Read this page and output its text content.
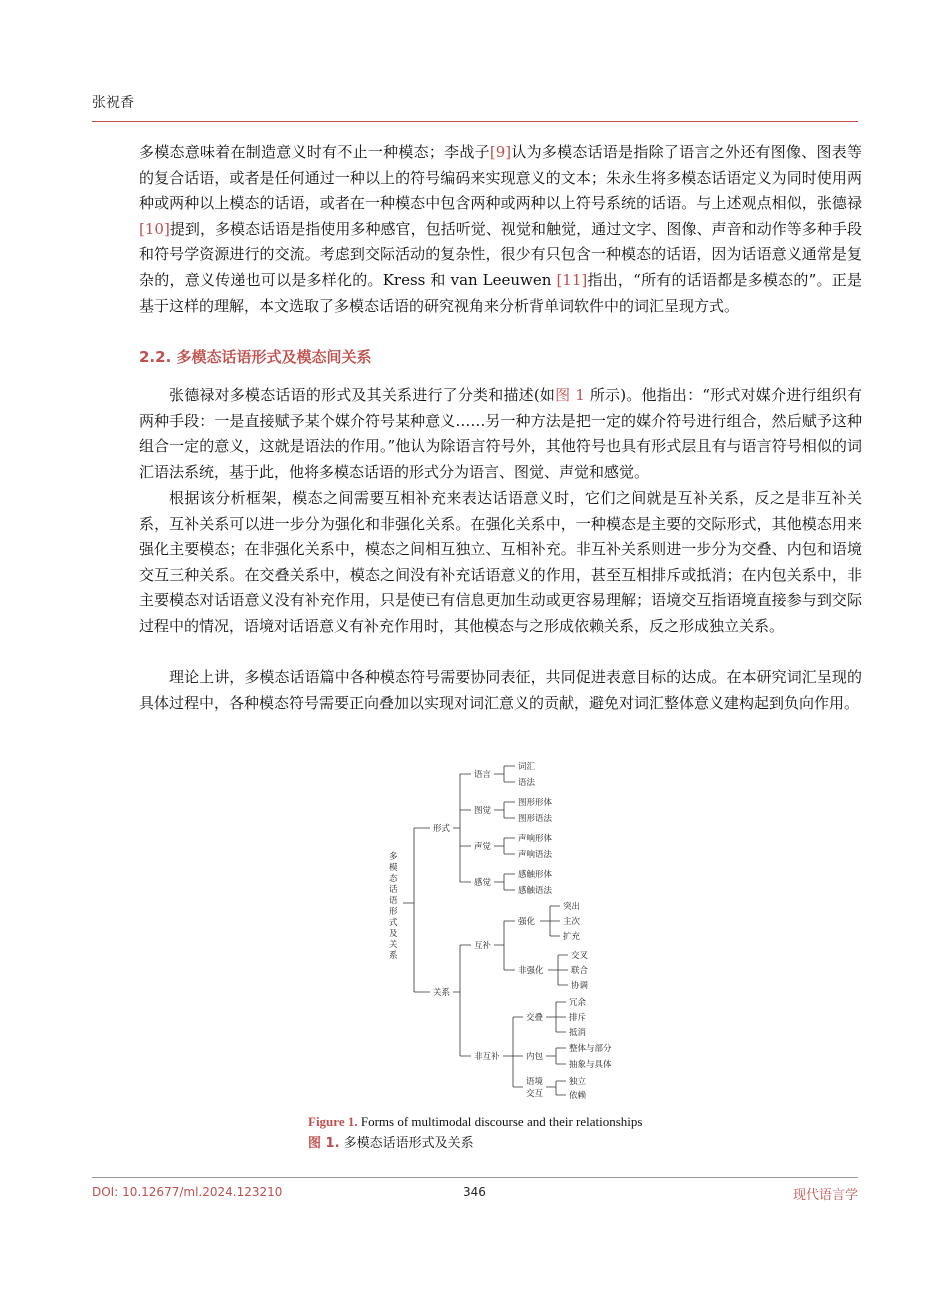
张祝香

多模态意味着在制造意义时有不止一种模态；李战子[9]认为多模态话语是指除了语言之外还有图像、图表等的复合话语，或者是任何通过一种以上的符号编码来实现意义的文本；朱永生将多模态话语定义为同时使用两种或两种以上模态的话语，或者在一种模态中包含两种或两种以上符号系统的话语。与上述观点相似，张德禄[10]提到，多模态话语是指使用多种感官，包括听觉、视觉和触觉，通过文字、图像、声音和动作等多种手段和符号学资源进行的交流。考虑到交际活动的复杂性，很少有只包含一种模态的话语，因为话语意义通常是复杂的，意义传递也可以是多样化的。Kress 和 van Leeuwen [11]指出，“所有的话语都是多模态的”。正是基于这样的理解，本文选取了多模态话语的研究视角来分析背单词软件中的词汇呈现方式。

2.2. 多模态话语形式及模态间关系

张德禄对多模态话语的形式及其关系进行了分类和描述(如图 1 所示)。他指出：“形式对媒介进行组织有两种手段：一是直接赋予某个媒介符号某种意义……另一种方法是把一定的媒介符号进行组合，然后赋予这种组合一定的意义，这就是语法的作用。”他认为除语言符号外，其他符号也具有形式层且有与语言符号相似的词汇语法系统，基于此，他将多模态话语的形式分为语言、图觉、声觉和感觉。

根据该分析框架，模态之间需要互相补充来表达话语意义时，它们之间就是互补关系，反之是非互补关系，互补关系可以进一步分为强化和非强化关系。在强化关系中，一种模态是主要的交际形式，其他模态用来强化主要模态；在非强化关系中，模态之间相互独立、互相补充。非互补关系则进一步分为交叠、内包和语境交互三种关系。在交叠关系中，模态之间没有补充话语意义的作用，甚至互相排斥或抵消；在内包关系中，非主要模态对话语意义没有补充作用，只是使已有信息更加生动或更容易理解；语境交互指语境直接参与到交际过程中的情况，语境对话语意义有补充作用时，其他模态与之形成依赖关系，反之形成独立关系。

理论上讲，多模态话语篇中各种模态符号需要协同表征，共同促进表意目标的达成。在本研究词汇呈现的具体过程中，各种模态符号需要正向叠加以实现对词汇意义的贡献，避免对词汇整体意义建构起到负向作用。

多
模
态
话
语
形
式
及
关
系
形式
关系
语言
图觉
声觉
感觉
词汇
语法
图形形体
图形语法
声响形体
声响语法
感触形体
感触语法
互补
非互补
强化
非强化
突出
主次
扩充
交叉
联合
协调
交叠
内包
语境
交互
冗余
排斥
抵消
整体与部分
抽象与具体
独立
依赖
Figure 1. Forms of multimodal discourse and their relationships
图 1. 多模态话语形式及关系
DOI: 10.12677/ml.2024.123210	346	现代语言学
